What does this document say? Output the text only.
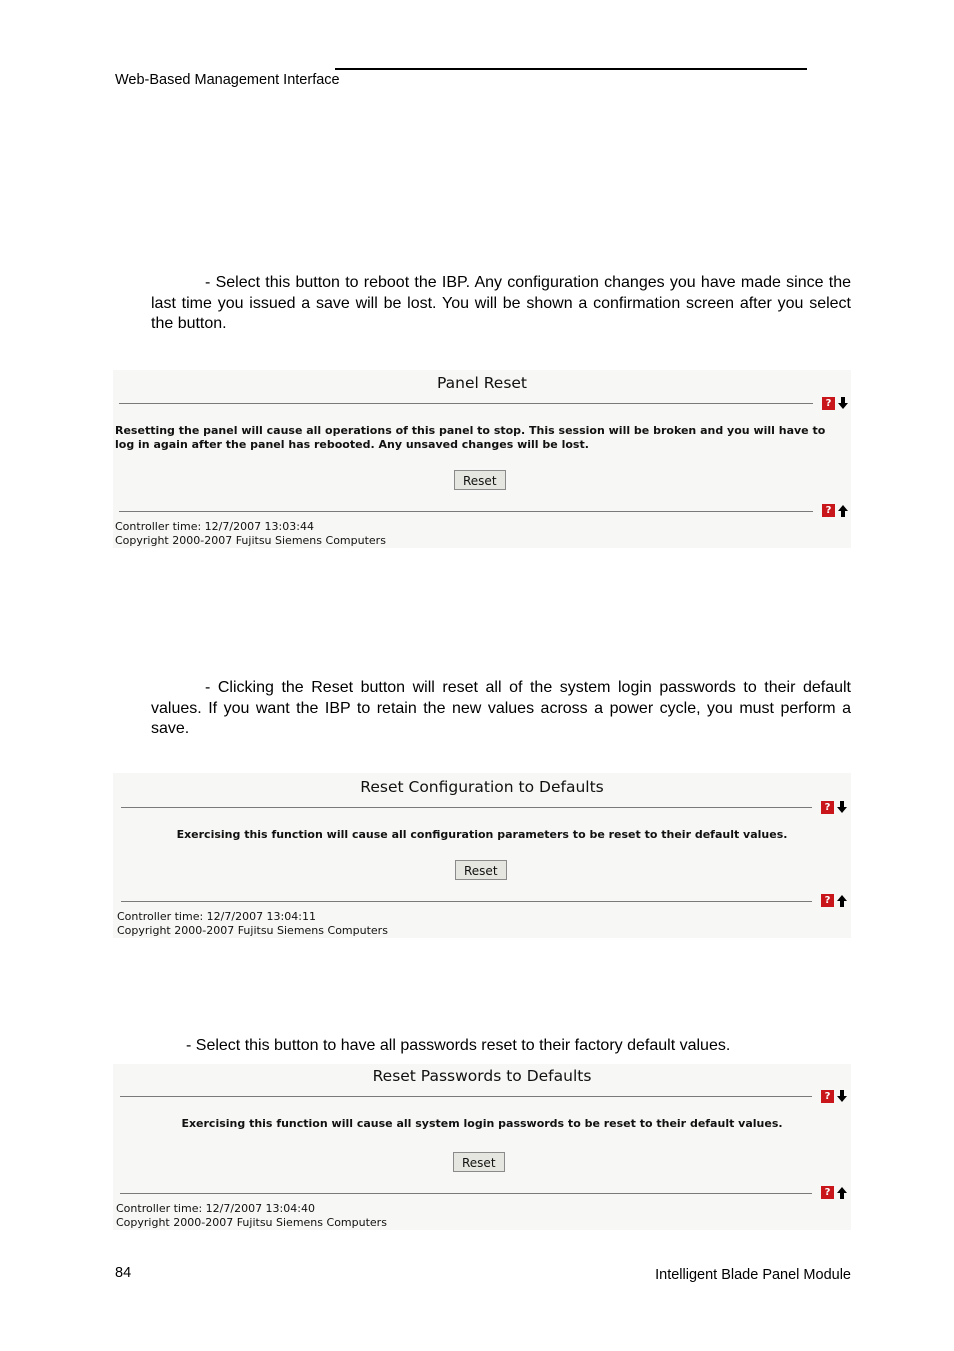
Web-Based Management Interface
- Select this button to reboot the IBP. Any configuration changes you have made since the last time you issued a save will be lost. You will be shown a confirmation screen after you select the button.
Panel Reset
?
Resetting the panel will cause all operations of this panel to stop. This session will be broken and you will have to log in again after the panel has rebooted. Any unsaved changes will be lost.
Reset
?
Controller time: 12/7/2007 13:03:44
Copyright 2000-2007 Fujitsu Siemens Computers
- Clicking the Reset button will reset all of the system login passwords to their default values. If you want the IBP to retain the new values across a power cycle, you must perform a save.
Reset Configuration to Defaults
?
Exercising this function will cause all configuration parameters to be reset to their default values.
Reset
?
Controller time: 12/7/2007 13:04:11
Copyright 2000-2007 Fujitsu Siemens Computers
- Select this button to have all passwords reset to their factory default values.
Reset Passwords to Defaults
?
Exercising this function will cause all system login passwords to be reset to their default values.
Reset
?
Controller time: 12/7/2007 13:04:40
Copyright 2000-2007 Fujitsu Siemens Computers
84	Intelligent Blade Panel Module
